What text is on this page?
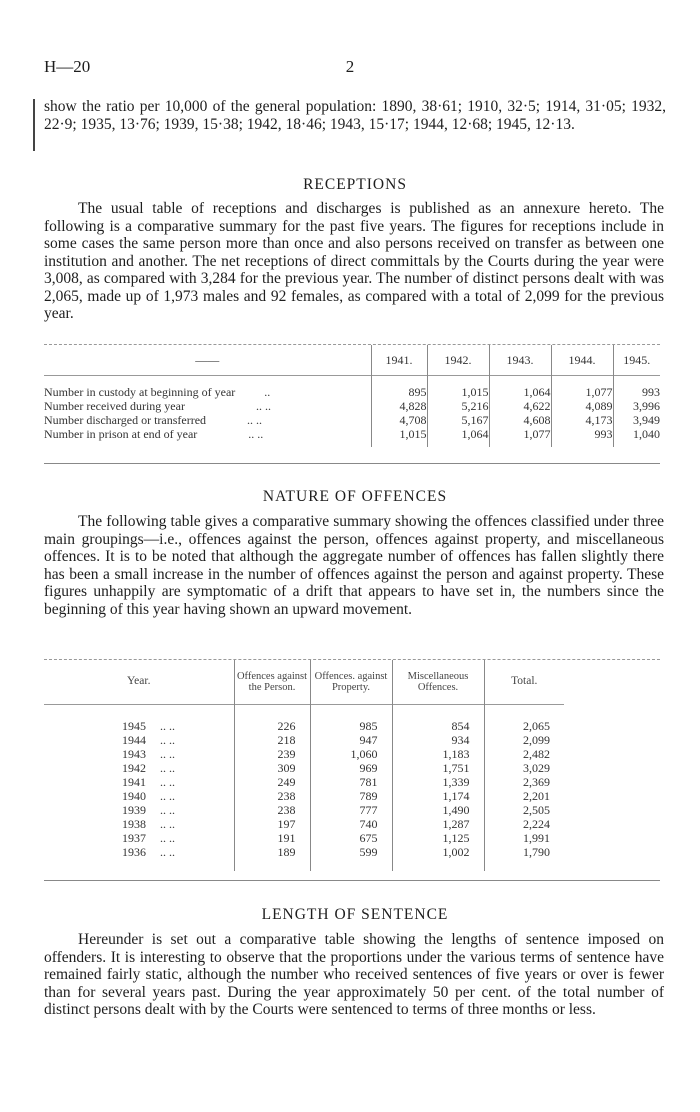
H—20	2
show the ratio per 10,000 of the general population: 1890, 38·61; 1910, 32·5; 1914, 31·05; 1932, 22·9; 1935, 13·76; 1939, 15·38; 1942, 18·46; 1943, 15·17; 1944, 12·68; 1945, 12·13.
RECEPTIONS
The usual table of receptions and discharges is published as an annexure hereto. The following is a comparative summary for the past five years. The figures for receptions include in some cases the same person more than once and also persons received on transfer as between one institution and another. The net receptions of direct committals by the Courts during the year were 3,008, as compared with 3,284 for the previous year. The number of distinct persons dealt with was 2,065, made up of 1,973 males and 92 females, as compared with a total of 2,099 for the previous year.
——	1941.	1942.	1943.	1944.	1945.

Number in custody at beginning of year ..	895	1,015	1,064	1,077	993
Number received during year .. ..	4,828	5,216	4,622	4,089	3,996
Number discharged or transferred .. ..	4,708	5,167	4,608	4,173	3,949
Number in prison at end of year .. ..	1,015	1,064	1,077	993	1,040

NATURE OF OFFENCES
The following table gives a comparative summary showing the offences classified under three main groupings—i.e., offences against the person, offences against property, and miscellaneous offences. It is to be noted that although the aggregate number of offences has fallen slightly there has been a small increase in the number of offences against the person and against property. These figures unhappily are symptomatic of a drift that appears to have set in, the numbers since the beginning of this year having shown an upward movement.
Year.	Offences against the Person.	Offences. against Property.	Miscellaneous Offences.	Total.	

1945 .. ..	226	985	854	2,065	
1944 .. ..	218	947	934	2,099	
1943 .. ..	239	1,060	1,183	2,482	
1942 .. ..	309	969	1,751	3,029	
1941 .. ..	249	781	1,339	2,369	
1940 .. ..	238	789	1,174	2,201	
1939 .. ..	238	777	1,490	2,505	
1938 .. ..	197	740	1,287	2,224	
1937 .. ..	191	675	1,125	1,991	
1936 .. ..	189	599	1,002	1,790	

LENGTH OF SENTENCE
Hereunder is set out a comparative table showing the lengths of sentence imposed on offenders. It is interesting to observe that the proportions under the various terms of sentence have remained fairly static, although the number who received sentences of five years or over is fewer than for several years past. During the year approximately 50 per cent. of the total number of distinct persons dealt with by the Courts were sentenced to terms of three months or less.
